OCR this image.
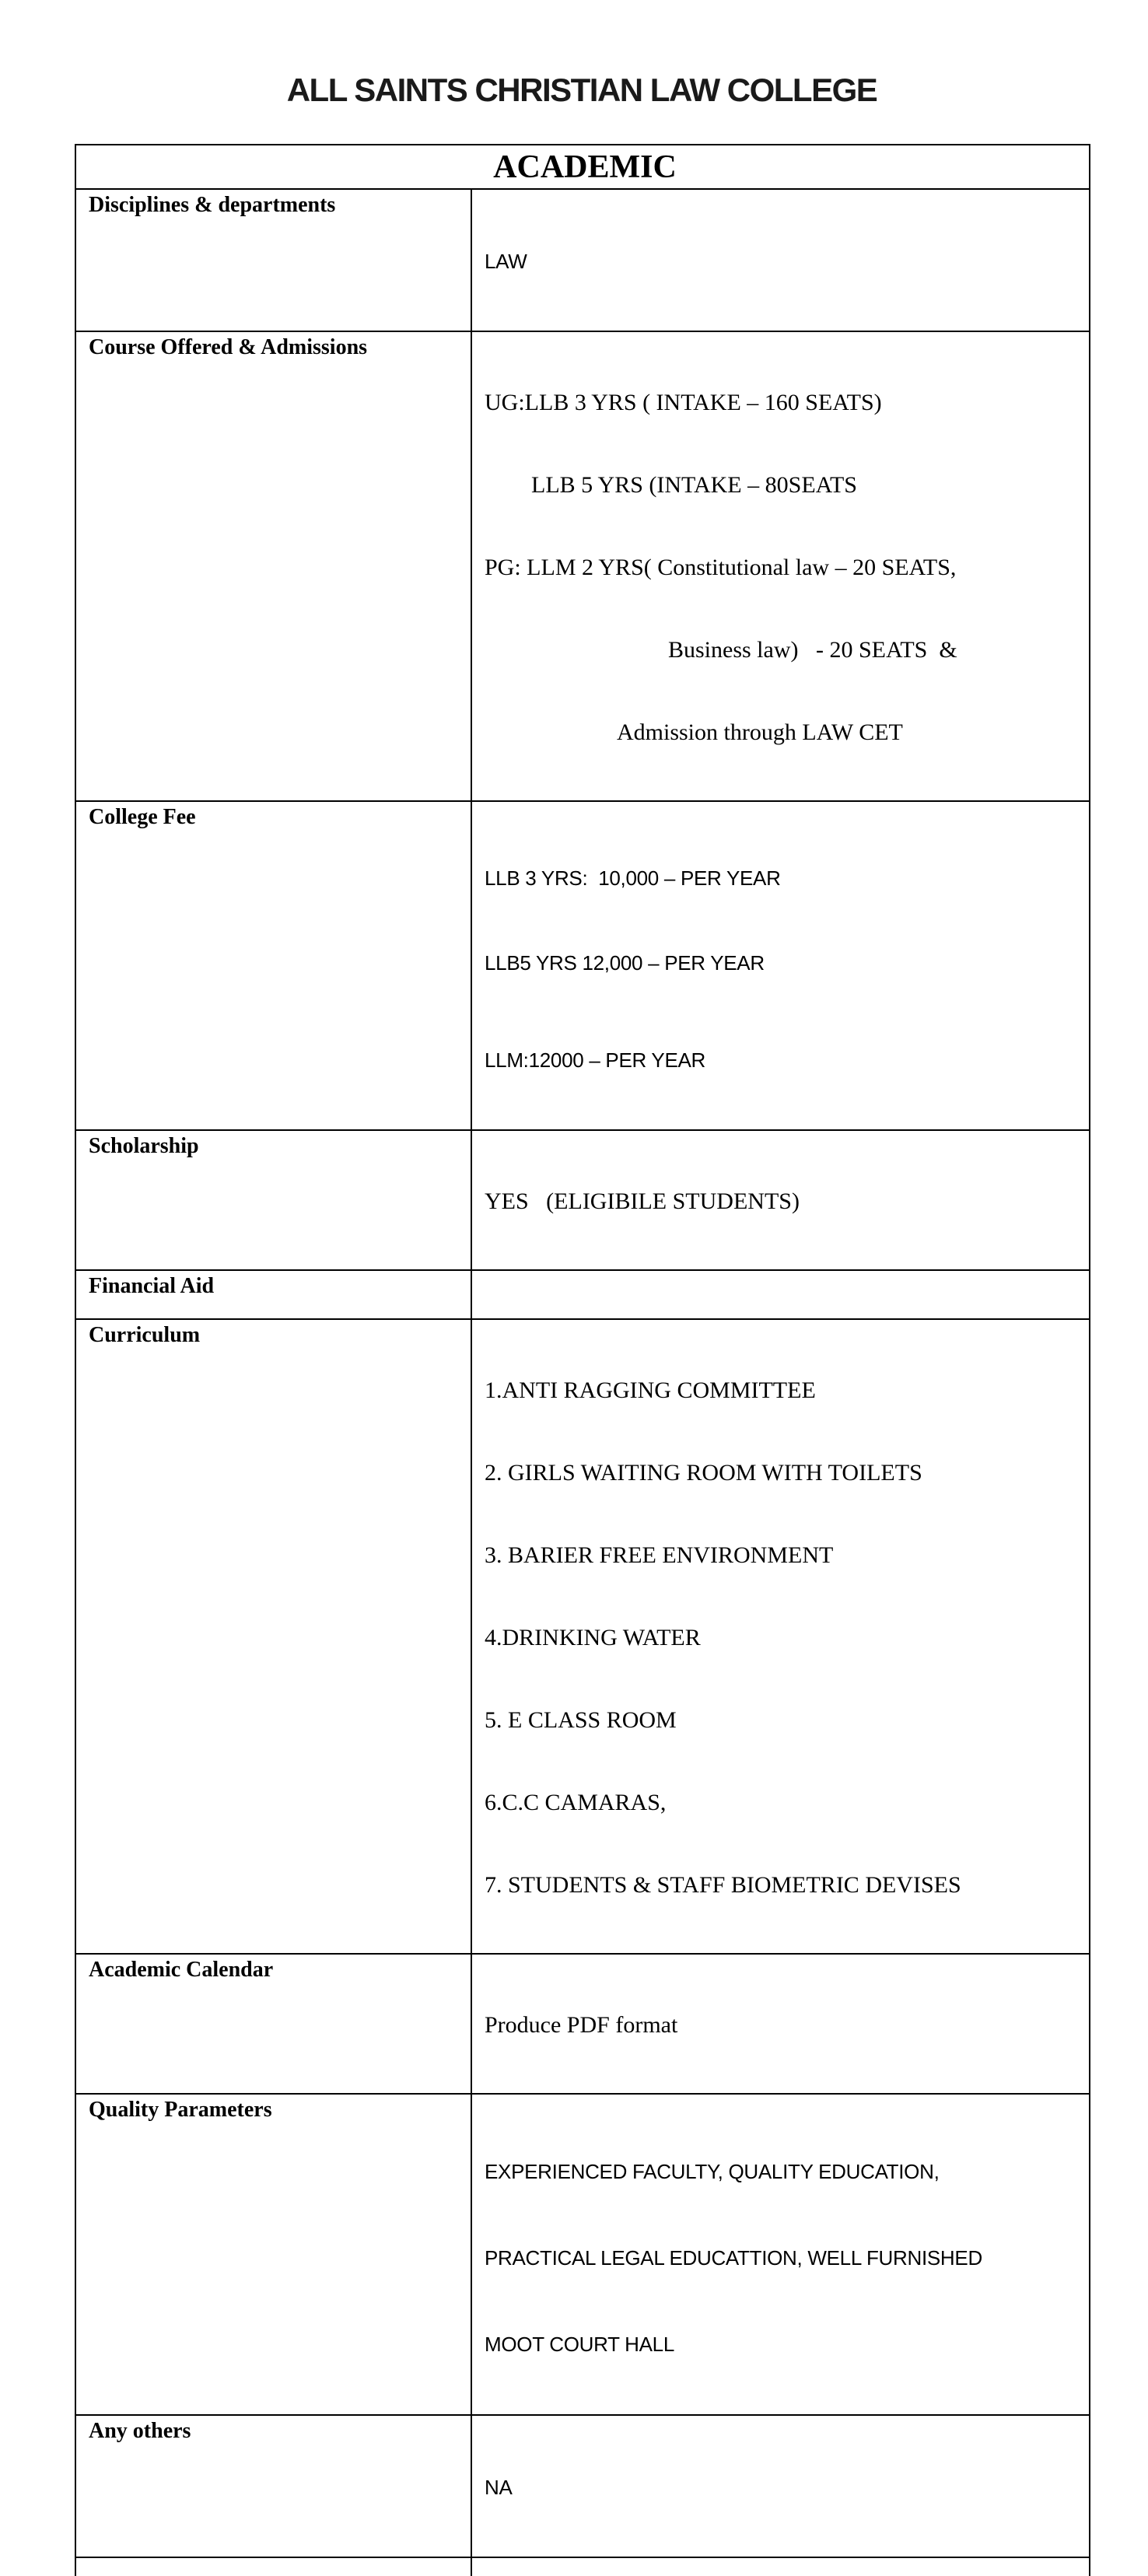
ALL SAINTS CHRISTIAN LAW COLLEGE
ACADEMIC	
Disciplines & departments	LAW

Course Offered & Admissions	UG:LLB 3 YRS ( INTAKE – 160 SEATS)

LLB 5 YRS (INTAKE – 80SEATS

PG: LLM 2 YRS( Constitutional law – 20 SEATS,

Business law)   - 20 SEATS  &

Admission through LAW CET

College Fee	LLB 3 YRS:  10,000 – PER YEAR

LLB5 YRS 12,000 – PER YEAR

LLM:12000 – PER YEAR

Scholarship	YES   (ELIGIBILE STUDENTS)

Financial Aid	
Curriculum	

1.ANTI RAGGING COMMITTEE

2. GIRLS WAITING ROOM WITH TOILETS

3. BARIER FREE ENVIRONMENT

4.DRINKING WATER

5. E CLASS ROOM

6.C.C CAMARAS,

7. STUDENTS & STAFF BIOMETRIC DEVISES

Academic Calendar	Produce PDF format

Quality Parameters	EXPERIENCED FACULTY, QUALITY EDUCATION,

PRACTICAL LEGAL EDUCATTION, WELL FURNISHED

MOOT COURT HALL

Any others	NA
